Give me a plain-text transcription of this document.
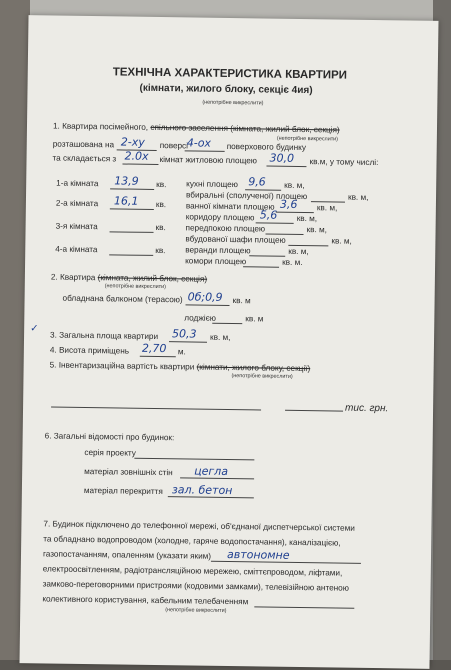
ТЕХНІЧНА ХАРАКТЕРИСТИКА КВАРТИРИ
(кімнати, жилого блоку, секціє 4ия)
(непотрібне викреслити)
1. Квартира посімейного, спільного заселення (кімната, жилий блок, секція)
(непотрібне викреслити)
розташована на 2-ху поверсі
4-ох поверхового будинку
та складається з 2.0х кімнат житловою площею 30,0 кв.м, у тому числі:
1-а кімната 13,9 кв.
2-а кімната 16,1 кв.
3-я кімната	кв.
4-а кімната	кв.
кухні площею 9,6 кв. м,
вбиральні (сполученої) площею	кв. м,
ванної кімнати площею 3,6 кв. м,
коридору площею 5,6 кв. м,
передпокою площею	кв. м,
вбудованої шафи площею	кв. м,
веранди площею	кв. м,
комори площею	кв. м.
2. Квартира (кімната, жилий блок, секція)
(непотрібне викреслити)
обладнана балконом (терасою) 0б;0,9 кв. м
лоджією	кв. м
3. Загальна площа квартири 50,3 кв. м,
4. Висота приміщень 2,70 м.
5. Інвентаризаційна вартість квартири (кімнати, жилого блоку, секції)
(непотрібне викреслити)
тис. грн.
6. Загальні відомості про будинок:
серія проекту
матеріал зовнішніх стін цегла
матеріал перекриття зал. бетон
7. Будинок підключено до телефонної мережі, об'єднаної диспетчерської системи
та обладнано водопроводом (холодне, гаряче водопостачання), каналізацією,
газопостачанням, опаленням (указати яким) автономне
електроосвітленням, радіотрансляційною мережею, сміттєпроводом, ліфтами,
замково-переговорними пристроями (кодовими замками), телевізійною антеною
колективного користування, кабельним телебаченням
(непотрібне викреслити)
✓
